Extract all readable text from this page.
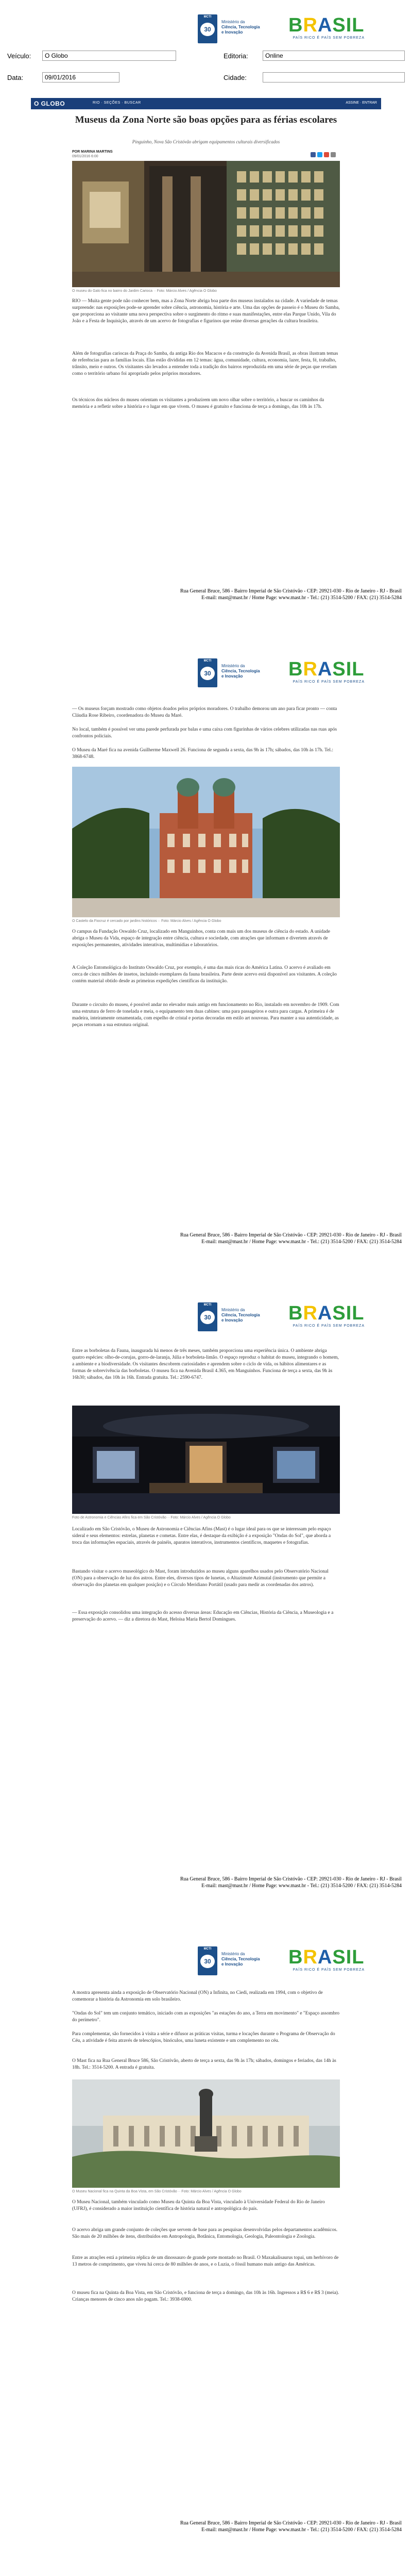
MCTI
30
Ministério da
Ciência, Tecnologia
e Inovação	BRASIL
PAÍS RICO É PAÍS SEM POBREZA
Veículo:	O Globo	Editoria:	Online
Data:	09/01/2016	Cidade:
O GLOBO	RIO · SEÇÕES · BUSCAR	ASSINE · ENTRAR
Museus da Zona Norte são boas opções para as férias escolares
Pinguinho, Nova São Cristóvão abrigam equipamentos culturais diversificados
POR MARINA MARTINS
09/01/2016 6:00
O museu do Galo fica no bairro do Jardim Carioca ·· Foto: Márcio Alves / Agência O Globo
RIO — Muita gente pode não conhecer bem, mas a Zona Norte abriga boa parte dos museus instalados na cidade. A variedade de temas surpreende: nas exposições pode-se aprender sobre ciência, astronomia, história e arte. Uma das opções de passeio é o Museu do Samba, que proporciona ao visitante uma nova perspectiva sobre o surgimento do ritmo e suas manifestações, entre elas Parque Unido, Vila do João e a Festa de Inquisição, através de um acervo de fotografias e figurinos que reúne diversas gerações da cultura brasileira.
Além de fotografias cariocas da Praça do Samba, da antiga Rio dos Macacos e da construção da Avenida Brasil, as obras ilustram temas de referências para as famílias locais. Elas estão divididas em 12 temas: água, comunidade, cultura, economia, lazer, festa, fé, trabalho, trânsito, meio e outros. Os visitantes são levados a entender toda a tradição dos bairros reproduzida em uma série de peças que revelam como o território urbano foi apropriado pelos próprios moradores.
Os técnicos dos núcleos do museu orientam os visitantes a produzirem um novo olhar sobre o território, a buscar os caminhos da memória e a refletir sobre a história e o lugar em que vivem. O museu é gratuito e funciona de terça a domingo, das 10h às 17h.
Rua General Bruce, 586 - Bairro Imperial de São Cristóvão - CEP: 20921-030 - Rio de Janeiro - RJ - Brasil
E-mail: mast@mast.br / Home Page: www.mast.br - Tel.: (21) 3514-5200 / FAX: (21) 3514-5284
MCTI
30
Ministério da
Ciência, Tecnologia
e Inovação	BRASIL
PAÍS RICO É PAÍS SEM POBREZA
— Os museus forçam mostrado como objetos doados pelos próprios moradores. O trabalho demorou um ano para ficar pronto — conta Cláudia Rose Ribeiro, coordenadora do Museu da Maré.
No local, também é possível ver uma parede perfurada por balas e uma caixa com figurinhas de vários celebres utilizadas nas ruas após confrontos policiais.
O Museu da Maré fica na avenida Guilherme Maxwell 26. Funciona de segunda a sexta, das 9h às 17h; sábados, das 10h às 17h. Tel.: 3868-6748.
O Castelo da Fiocruz é cercado por jardins históricos ·· Foto: Márcio Alves / Agência O Globo
O campus da Fundação Oswaldo Cruz, localizado em Manguinhos, conta com mais um dos museus de ciência do estado. A unidade abriga o Museu da Vida, espaço de integração entre ciência, cultura e sociedade, com atrações que informam e divertem através de exposições permanentes, atividades interativas, multimídias e laboratórios.
A Coleção Entomológica do Instituto Oswaldo Cruz, por exemplo, é uma das mais ricas do América Latina. O acervo é avaliado em cerca de cinco milhões de insetos, incluindo exemplares da fauna brasileira. Parte deste acervo está disponível aos visitantes. A coleção contém material obtido desde as primeiras expedições científicas da instituição.
Durante o circuito do museu, é possível andar no elevador mais antigo em funcionamento no Rio, instalado em novembro de 1909. Com uma estrutura de ferro de tonelada e meia, o equipamento tem duas cabines: uma para passageiros e outra para cargas. A primeira é de madeira, inteiramente ornamentada, com espelho de cristal e portas decoradas em estilo art nouveau. Para manter a sua autenticidade, as peças retornam a sua estrutura original.
Rua General Bruce, 586 - Bairro Imperial de São Cristóvão - CEP: 20921-030 - Rio de Janeiro - RJ - Brasil
E-mail: mast@mast.br / Home Page: www.mast.br - Tel.: (21) 3514-5200 / FAX: (21) 3514-5284
MCTI
30
Ministério da
Ciência, Tecnologia
e Inovação	BRASIL
PAÍS RICO É PAÍS SEM POBREZA
Entre as borboletas da Fauna, inaugurada há menos de três meses, também proporciona uma experiência única. O ambiente abriga quatro espécies: olho-de-corujas, gorro-de-laranja, Júlia e borboleta-limão. O espaço reproduz o habitat do museu, integrando o homem, a ambiente e a biodiversidade. Os visitantes descobrem curiosidades e aprendem sobre o ciclo de vida, os hábitos alimentares e as formas de sobrevivência das borboletas. O museu fica na Avenida Brasil 4.365, em Manguinhos. Funciona de terça a sexta, das 9h às 16h30; sábados, das 10h às 16h. Entrada gratuita. Tel.: 2590-6747.
Foto de Astronomia e Ciências Afins fica em São Cristóvão ·· Foto: Márcio Alves / Agência O Globo
Localizado em São Cristóvão, o Museu de Astronomia e Ciências Afins (Mast) é o lugar ideal para os que se interessam pelo espaço sideral e seus elementos: estrelas, planetas e cometas. Entre elas, é destaque da exibição é a exposição "Ondas do Sol", que aborda a troca das informações espaciais, através de painéis, aparatos interativos, instrumentos científicos, maquetes e fotografias.
Bastando visitar o acervo museológico do Mast, foram introduzidos ao museu alguns aparelhos usados pelo Observatório Nacional (ON) para a observação de luz dos astros. Entre eles, diversos tipos de lunetas, o Altazimute Azimutal (instrumento que permite a observação dos planetas em qualquer posição) e o Círculo Meridiano Portátil (usado para medir as coordenadas dos astros).
— Essa exposição consolidou uma integração do acesso diversas áreas: Educação em Ciências, História da Ciência, a Museologia e a preservação do acervo. — diz a diretora do Mast, Heloisa Maria Bertol Domingues.
Rua General Bruce, 586 - Bairro Imperial de São Cristóvão - CEP: 20921-030 - Rio de Janeiro - RJ - Brasil
E-mail: mast@mast.br / Home Page: www.mast.br - Tel.: (21) 3514-5200 / FAX: (21) 3514-5284
MCTI
30
Ministério da
Ciência, Tecnologia
e Inovação	BRASIL
PAÍS RICO É PAÍS SEM POBREZA
A mostra apresenta ainda a exposição de Observatório Nacional (ON) a Infinita, no Ciedi, realizada em 1994, com o objetivo de comemorar a história da Astronomia em solo brasileiro.
"Ondas do Sol" tem um conjunto temático, iniciado com as exposições "as estações do ano, a Terra em movimento" e "Espaço assombro do perímetro".
Para complementar, são fornecidos à visita a série e difusor as práticas visitas, turma e locações durante o Programa de Observação do Céu, a atividade é feita através de telescópios, binóculos, uma luneta existente e um complemento no céu.
O Mast fica na Rua General Bruce 586, São Cristóvão, aberto de terça a sexta, das 9h às 17h; sábados, domingos e feriados, das 14h às 18h. Tel.: 3514-5200. A entrada é gratuita.
O Museu Nacional fica na Quinta da Boa Vista, em São Cristóvão ·· Foto: Márcio Alves / Agência O Globo
O Museu Nacional, também vinculado como Museu da Quinta da Boa Vista, vinculado à Universidade Federal do Rio de Janeiro (UFRJ), é considerado a maior instituição científica de história natural e antropológica do país.
O acervo abriga um grande conjunto de coleções que servem de base para as pesquisas desenvolvidas pelos departamentos acadêmicos. São mais de 20 milhões de itens, distribuídos em Antropologia, Botânica, Entomologia, Geologia, Paleontologia e Zoologia.
Entre as atrações está a primeira réplica de um dinossauro de grande porte montado no Brasil. O Maxakalisaurus topai, um herbívoro de 13 metros de comprimento, que viveu há cerca de 80 milhões de anos, e o Luzia, o fóssil humano mais antigo das Américas.
O museu fica na Quinta da Boa Vista, em São Cristóvão, e funciona de terça a domingo, das 10h às 16h. Ingressos a R$ 6 e R$ 3 (meia). Crianças menores de cinco anos não pagam. Tel.: 3938-6900.
Rua General Bruce, 586 - Bairro Imperial de São Cristóvão - CEP: 20921-030 - Rio de Janeiro - RJ - Brasil
E-mail: mast@mast.br / Home Page: www.mast.br - Tel.: (21) 3514-5200 / FAX: (21) 3514-5284
